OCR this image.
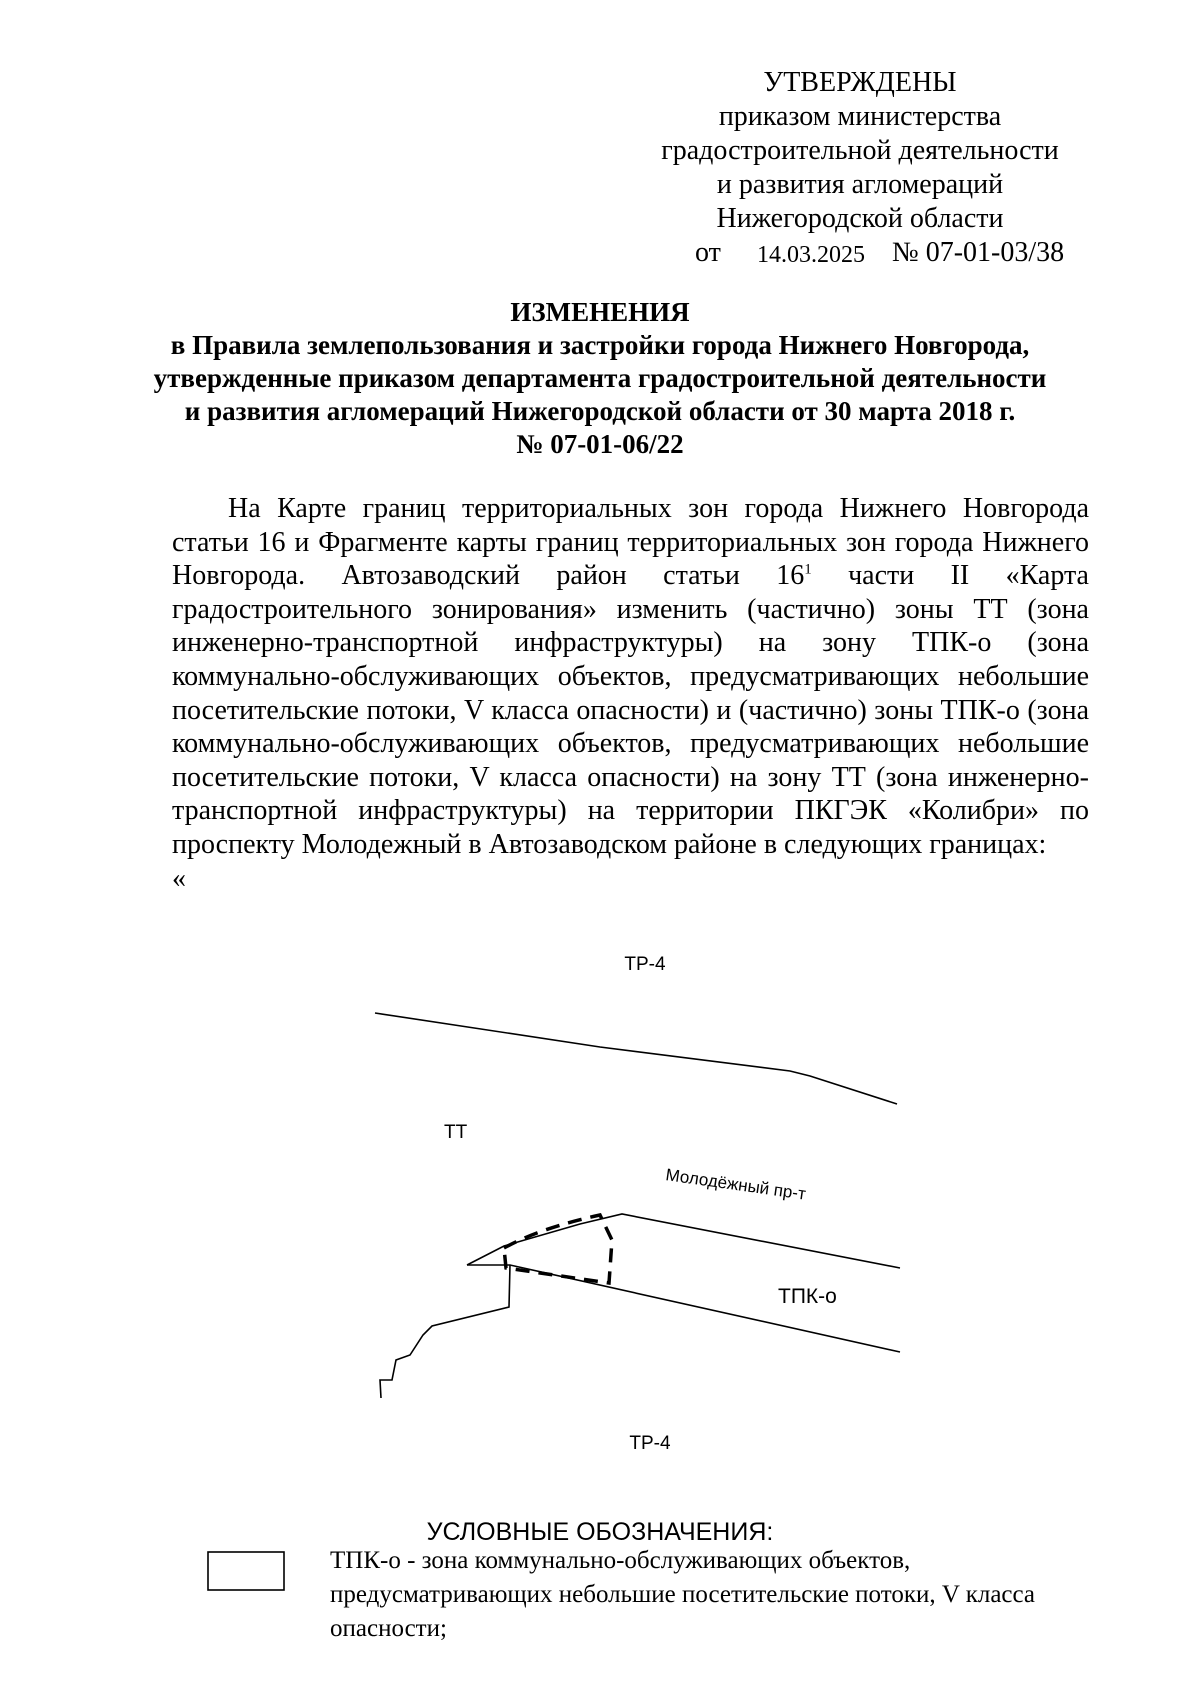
УТВЕРЖДЕНЫ
приказом министерства
градостроительной деятельности
и развития агломераций
Нижегородской области
от 14.03.2025 № 07-01-03/38
ИЗМЕНЕНИЯ
в Правила землепользования и застройки города Нижнего Новгорода,
утвержденные приказом департамента градостроительной деятельности
и развития агломераций Нижегородской области от 30 марта 2018 г.
№ 07-01-06/22

На Карте границ территориальных зон города Нижнего Новгорода статьи 16 и Фрагменте карты границ территориальных зон города Нижнего Новгорода. Автозаводский район статьи $16^1$ части II «Карта градостроительного зонирования» изменить (частично) зоны ТТ (зона инженерно-транспортной инфраструктуры) на зону ТПК-о (зона коммунально-обслуживающих объектов, предусматривающих небольшие посетительские потоки, V класса опасности) и (частично) зоны ТПК-о (зона коммунально-обслуживающих объектов, предусматривающих небольшие посетительские потоки, V класса опасности) на зону ТТ (зона инженерно-транспортной инфраструктуры) на территории ПКГЭК «Колибри» по проспекту Молодежный в Автозаводском районе в следующих границах:

«
ТР-4
ТТ
Молодёжный пр-т
ТПК-о
ТР-4
УСЛОВНЫЕ ОБОЗНАЧЕНИЯ:
ТПК-о - зона коммунально-обслуживающих объектов, предусматривающих небольшие посетительские потоки, V класса опасности;
